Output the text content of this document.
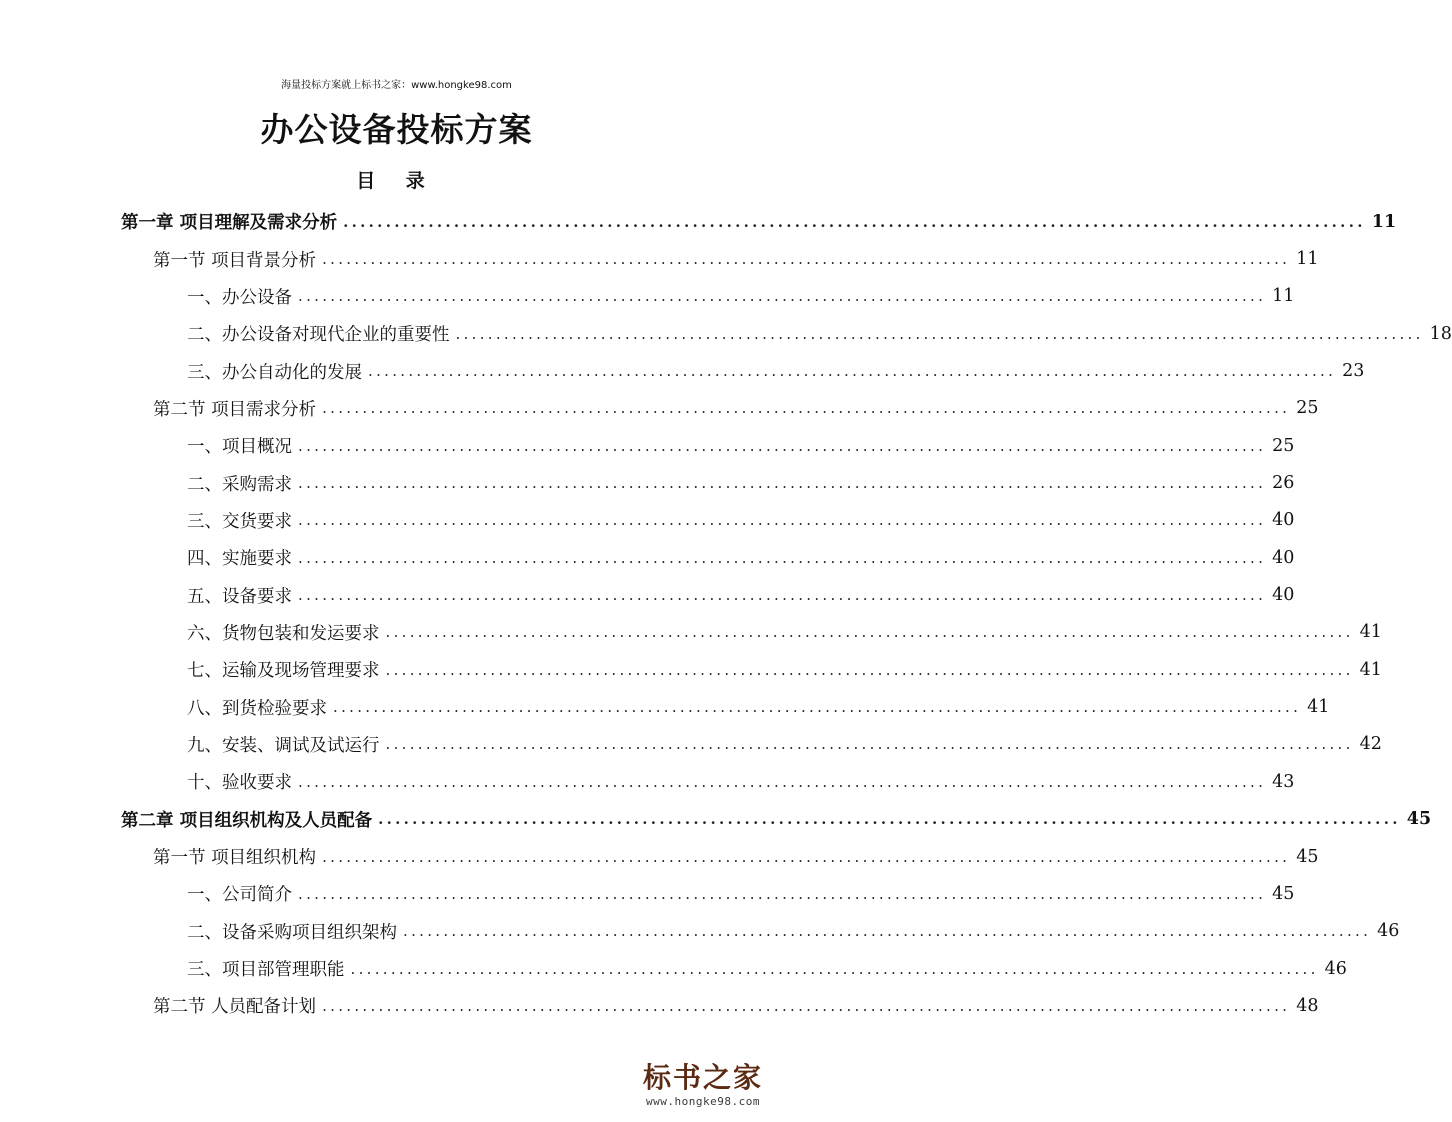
海量投标方案就上标书之家：www.hongke98.com
办公设备投标方案
目 录
第一章 项目理解及需求分析 ........................................................................................................................ 11
第一节 项目背景分析 ........................................................................................................................ 11
一、办公设备 ........................................................................................................................ 11
二、办公设备对现代企业的重要性 ........................................................................................................................ 18
三、办公自动化的发展 ........................................................................................................................ 23
第二节 项目需求分析 ........................................................................................................................ 25
一、项目概况 ........................................................................................................................ 25
二、采购需求 ........................................................................................................................ 26
三、交货要求 ........................................................................................................................ 40
四、实施要求 ........................................................................................................................ 40
五、设备要求 ........................................................................................................................ 40
六、货物包装和发运要求 ........................................................................................................................ 41
七、运输及现场管理要求 ........................................................................................................................ 41
八、到货检验要求 ........................................................................................................................ 41
九、安装、调试及试运行 ........................................................................................................................ 42
十、验收要求 ........................................................................................................................ 43
第二章 项目组织机构及人员配备 ........................................................................................................................ 45
第一节 项目组织机构 ........................................................................................................................ 45
一、公司简介 ........................................................................................................................ 45
二、设备采购项目组织架构 ........................................................................................................................ 46
三、项目部管理职能 ........................................................................................................................ 46
第二节 人员配备计划 ........................................................................................................................ 48
标书之家
www.hongke98.com
